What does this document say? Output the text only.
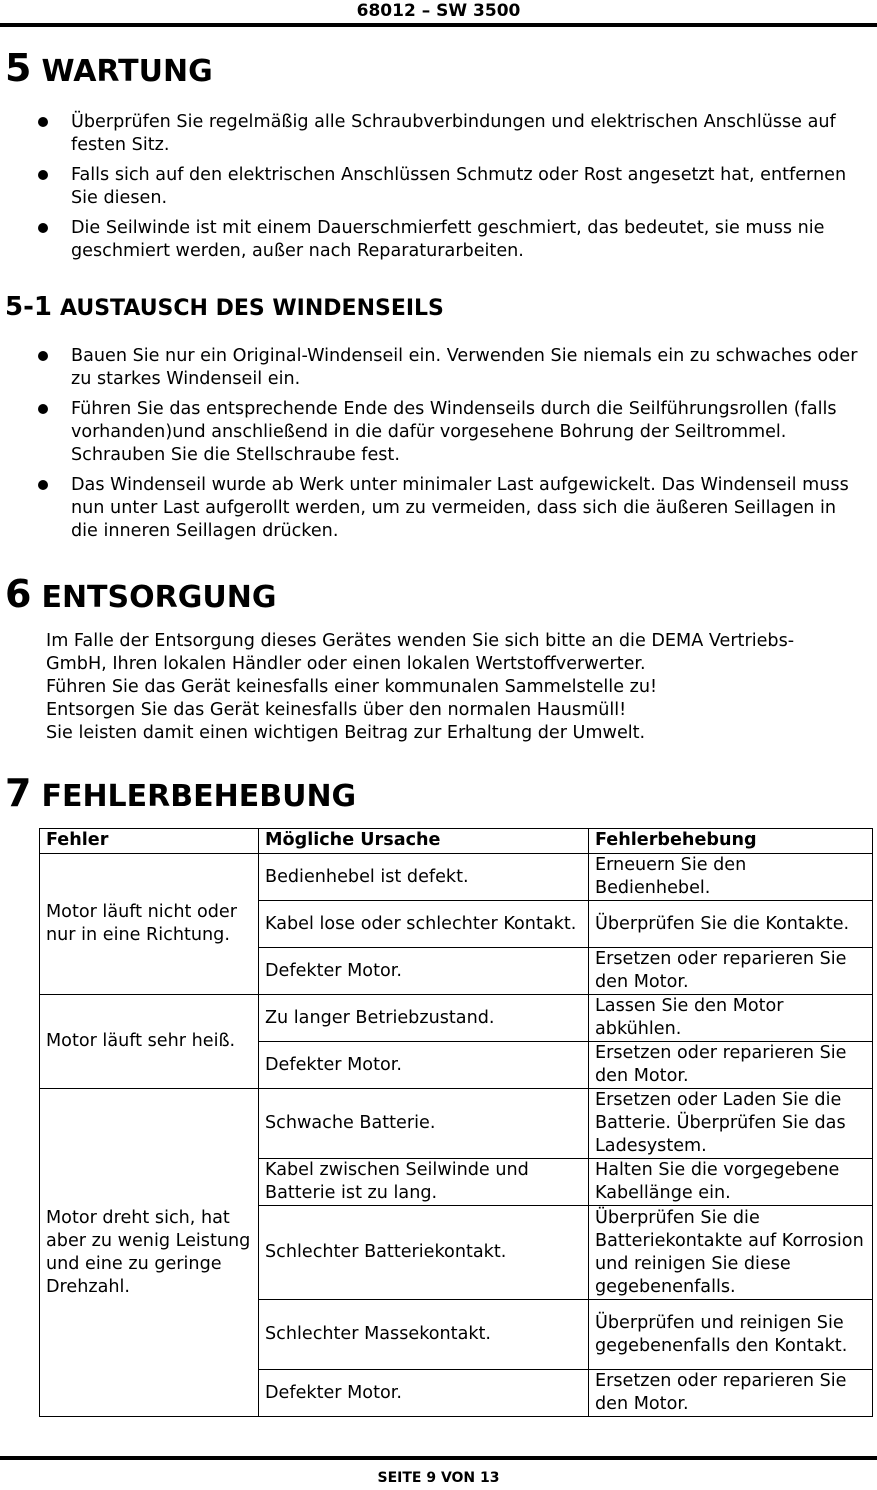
68012 – SW 3500
5 WARTUNG
Überprüfen Sie regelmäßig alle Schraubverbindungen und elektrischen Anschlüsse auf festen Sitz.
Falls sich auf den elektrischen Anschlüssen Schmutz oder Rost angesetzt hat, entfernen Sie diesen.
Die Seilwinde ist mit einem Dauerschmierfett geschmiert, das bedeutet, sie muss nie geschmiert werden, außer nach Reparaturarbeiten.
5-1 AUSTAUSCH DES WINDENSEILS
Bauen Sie nur ein Original-Windenseil ein. Verwenden Sie niemals ein zu schwaches oder zu starkes Windenseil ein.
Führen Sie das entsprechende Ende des Windenseils durch die Seilführungsrollen (falls vorhanden)und anschließend in die dafür vorgesehene Bohrung der Seiltrommel. Schrauben Sie die Stellschraube fest.
Das Windenseil wurde ab Werk unter minimaler Last aufgewickelt. Das Windenseil muss nun unter Last aufgerollt werden, um zu vermeiden, dass sich die äußeren Seillagen in die inneren Seillagen drücken.
6 ENTSORGUNG
Im Falle der Entsorgung dieses Gerätes wenden Sie sich bitte an die DEMA Vertriebs-
GmbH, Ihren lokalen Händler oder einen lokalen Wertstoffverwerter.
Führen Sie das Gerät keinesfalls einer kommunalen Sammelstelle zu!
Entsorgen Sie das Gerät keinesfalls über den normalen Hausmüll!
Sie leisten damit einen wichtigen Beitrag zur Erhaltung der Umwelt.
7 FEHLERBEHEBUNG
Fehler	Mögliche Ursache	Fehlerbehebung
Motor läuft nicht oder nur in eine Richtung.	Bedienhebel ist defekt.	Erneuern Sie den Bedienhebel.
	Kabel lose oder schlechter Kontakt.	Überprüfen Sie die Kontakte.
	Defekter Motor.	Ersetzen oder reparieren Sie den Motor.
Motor läuft sehr heiß.	Zu langer Betriebzustand.	Lassen Sie den Motor abkühlen.
	Defekter Motor.	Ersetzen oder reparieren Sie den Motor.
Motor dreht sich, hat aber zu wenig Leistung und eine zu geringe Drehzahl.	Schwache Batterie.	Ersetzen oder Laden Sie die Batterie. Überprüfen Sie das Ladesystem.
	Kabel zwischen Seilwinde und Batterie ist zu lang.	Halten Sie die vorgegebene Kabellänge ein.
	Schlechter Batteriekontakt.	Überprüfen Sie die Batteriekontakte auf Korrosion und reinigen Sie diese gegebenenfalls.
	Schlechter Massekontakt.	Überprüfen und reinigen Sie gegebenenfalls den Kontakt.
	Defekter Motor.	Ersetzen oder reparieren Sie den Motor.
SEITE 9 VON 13
